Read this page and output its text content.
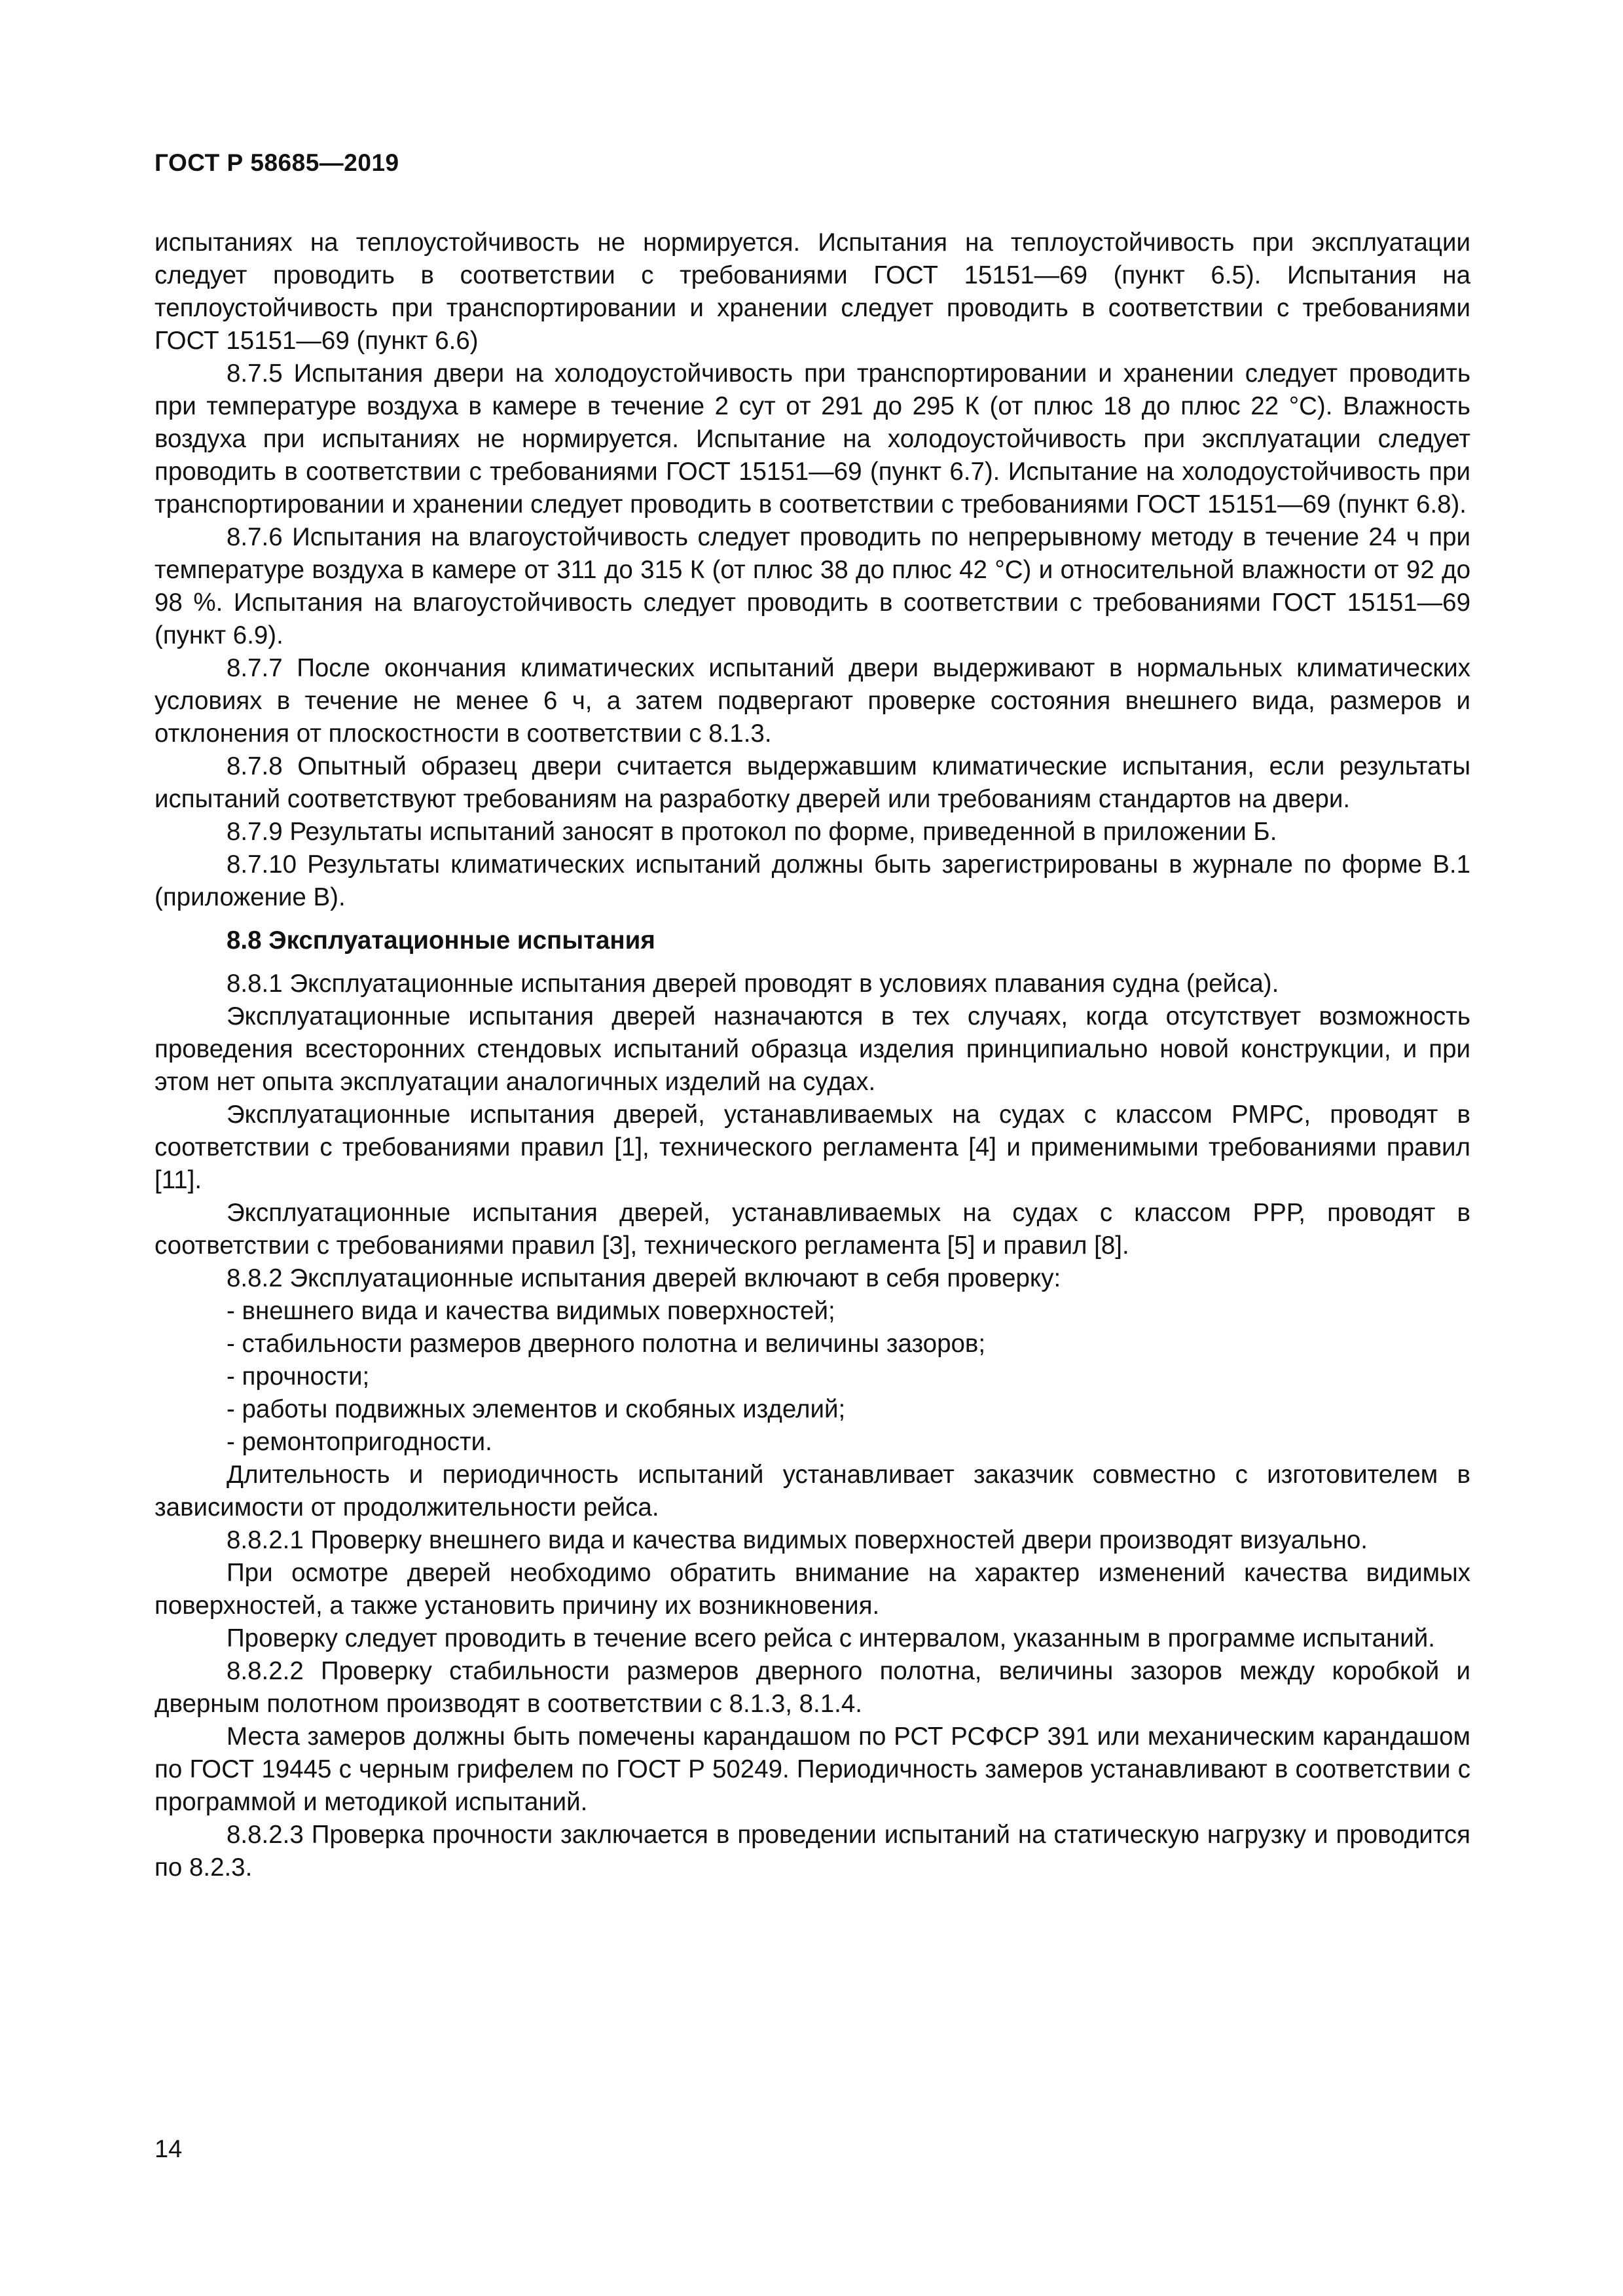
ГОСТ Р 58685—2019

испытаниях на теплоустойчивость не нормируется. Испытания на теплоустойчивость при эксплуатации следует проводить в соответствии с требованиями ГОСТ 15151—69 (пункт 6.5). Испытания на теплоустойчивость при транспортировании и хранении следует проводить в соответствии с требованиями ГОСТ 15151—69 (пункт 6.6)

8.7.5 Испытания двери на холодоустойчивость при транспортировании и хранении следует проводить при температуре воздуха в камере в течение 2 сут от 291 до 295 К (от плюс 18 до плюс 22 °С). Влажность воздуха при испытаниях не нормируется. Испытание на холодоустойчивость при эксплуатации следует проводить в соответствии с требованиями ГОСТ 15151—69 (пункт 6.7). Испытание на холодоустойчивость при транспортировании и хранении следует проводить в соответствии с требованиями ГОСТ 15151—69 (пункт 6.8).

8.7.6 Испытания на влагоустойчивость следует проводить по непрерывному методу в течение 24 ч при температуре воздуха в камере от 311 до 315 К (от плюс 38 до плюс 42 °С) и относительной влажности от 92 до 98 %. Испытания на влагоустойчивость следует проводить в соответствии с требованиями ГОСТ 15151—69 (пункт 6.9).

8.7.7 После окончания климатических испытаний двери выдерживают в нормальных климатических условиях в течение не менее 6 ч, а затем подвергают проверке состояния внешнего вида, размеров и отклонения от плоскостности в соответствии с 8.1.3.

8.7.8 Опытный образец двери считается выдержавшим климатические испытания, если результаты испытаний соответствуют требованиям на разработку дверей или требованиям стандартов на двери.

8.7.9 Результаты испытаний заносят в протокол по форме, приведенной в приложении Б.

8.7.10 Результаты климатических испытаний должны быть зарегистрированы в журнале по форме В.1 (приложение В).

8.8 Эксплуатационные испытания

8.8.1 Эксплуатационные испытания дверей проводят в условиях плавания судна (рейса).

Эксплуатационные испытания дверей назначаются в тех случаях, когда отсутствует возможность проведения всесторонних стендовых испытаний образца изделия принципиально новой конструкции, и при этом нет опыта эксплуатации аналогичных изделий на судах.

Эксплуатационные испытания дверей, устанавливаемых на судах с классом РМРС, проводят в соответствии с требованиями правил [1], технического регламента [4] и применимыми требованиями правил [11].

Эксплуатационные испытания дверей, устанавливаемых на судах с классом РРР, проводят в соответствии с требованиями правил [3], технического регламента [5] и правил [8].

8.8.2 Эксплуатационные испытания дверей включают в себя проверку:

- внешнего вида и качества видимых поверхностей;

- стабильности размеров дверного полотна и величины зазоров;

- прочности;

- работы подвижных элементов и скобяных изделий;

- ремонтопригодности.

Длительность и периодичность испытаний устанавливает заказчик совместно с изготовителем в зависимости от продолжительности рейса.

8.8.2.1 Проверку внешнего вида и качества видимых поверхностей двери производят визуально.

При осмотре дверей необходимо обратить внимание на характер изменений качества видимых поверхностей, а также установить причину их возникновения.

Проверку следует проводить в течение всего рейса с интервалом, указанным в программе испытаний.

8.8.2.2 Проверку стабильности размеров дверного полотна, величины зазоров между коробкой и дверным полотном производят в соответствии с 8.1.3, 8.1.4.

Места замеров должны быть помечены карандашом по РСТ РСФСР 391 или механическим карандашом по ГОСТ 19445 с черным грифелем по ГОСТ Р 50249. Периодичность замеров устанавливают в соответствии с программой и методикой испытаний.

8.8.2.3 Проверка прочности заключается в проведении испытаний на статическую нагрузку и проводится по 8.2.3.

14
